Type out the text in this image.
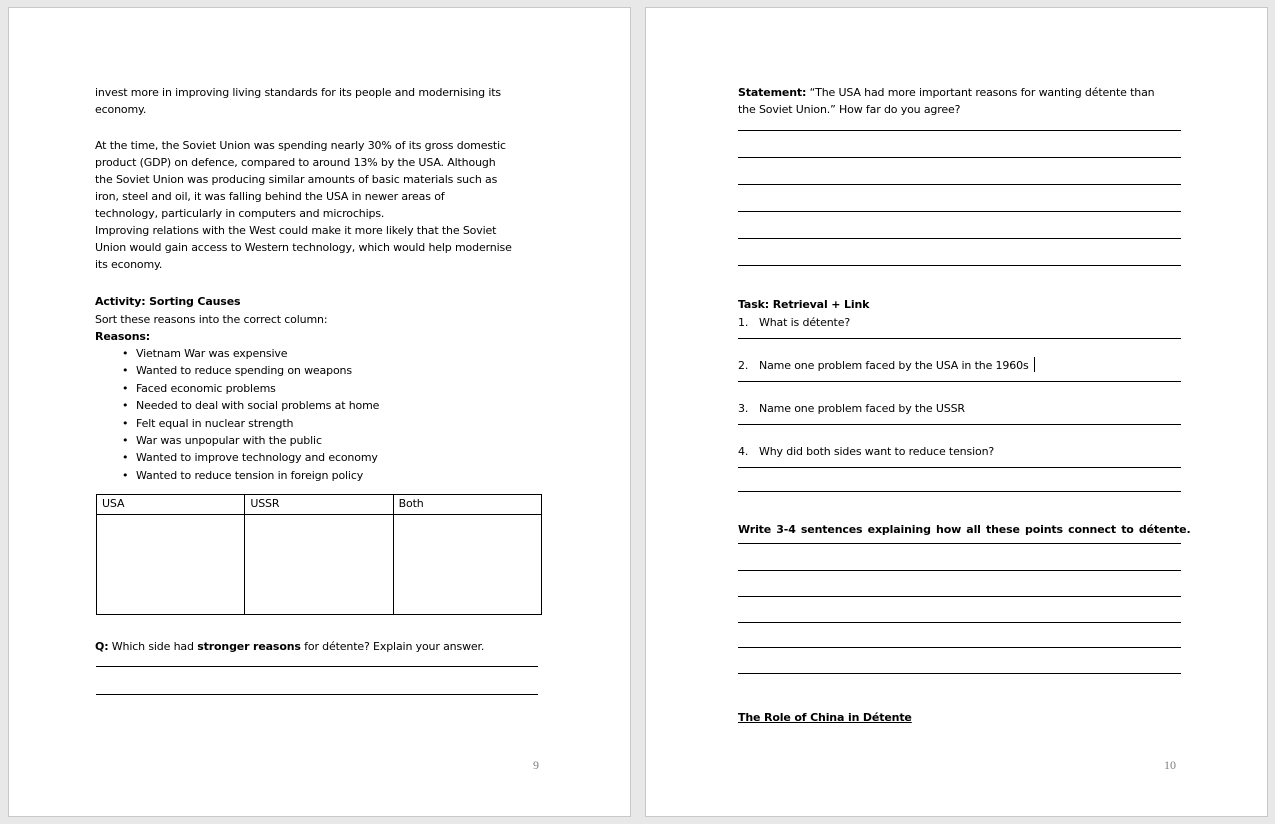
invest more in improving living standards for its people and modernising its
economy.
At the time, the Soviet Union was spending nearly 30% of its gross domestic
product (GDP) on defence, compared to around 13% by the USA. Although
the Soviet Union was producing similar amounts of basic materials such as
iron, steel and oil, it was falling behind the USA in newer areas of
technology, particularly in computers and microchips.
Improving relations with the West could make it more likely that the Soviet
Union would gain access to Western technology, which would help modernise
its economy.
Activity: Sorting Causes
Sort these reasons into the correct column:
Reasons:
• Vietnam War was expensive
• Wanted to reduce spending on weapons
• Faced economic problems
• Needed to deal with social problems at home
• Felt equal in nuclear strength
• War was unpopular with the public
• Wanted to improve technology and economy
• Wanted to reduce tension in foreign policy
USA	USSR	Both

Q: Which side had stronger reasons for détente? Explain your answer.
9
Statement: “The USA had more important reasons for wanting détente than
the Soviet Union.” How far do you agree?
Task: Retrieval + Link
1. What is détente?
2. Name one problem faced by the USA in the 1960s
3. Name one problem faced by the USSR
4. Why did both sides want to reduce tension?
Write 3-4 sentences explaining how all these points connect to détente.
The Role of China in Détente
10
